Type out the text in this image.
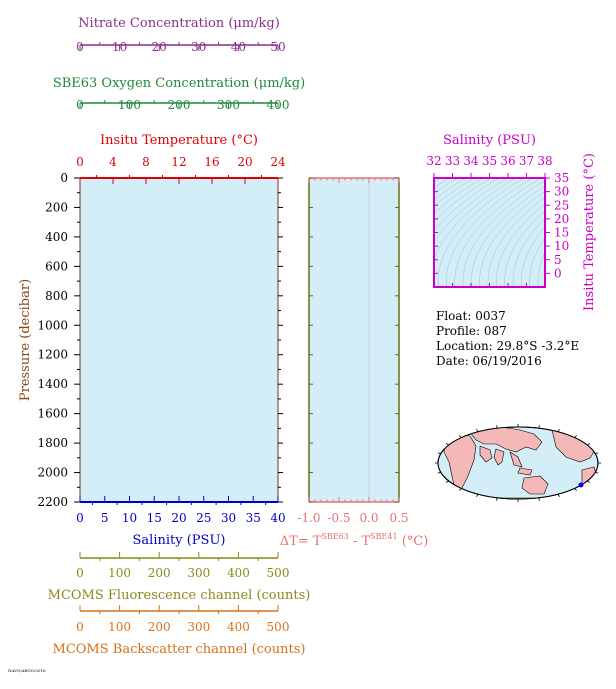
0
200
400
600
800
1000
1200
1400
1600
1800
2000
2200
Pressure (decibar)
0 10 20 30 40 50
Nitrate Concentration (μm/kg)
0	100 200 300 400
SBE63 Oxygen Concentration (μm/kg)
0 4 8 12 16 20 24
Insitu Temperature (°C)
0 5 10 15 20 25 30 35 40
Salinity (PSU)
0 100 200 300 400 500
MCOMS Fluorescence channel (counts)
0 100 200 300 400 500
MCOMS Backscatter channel (counts)
-1.0 -0.5 0.0 0.5
$\Delta T= T^{SBE63} - T^{SBE41}$ (°C)
32 33 34 35 36 37 38
0
5
10
15
20
25
30
35
Salinity (PSU)
Insitu Temperature (°C)
Float: 0037
Profile: 087
Location: 29.8°S -3.2°E
Date: 06/19/2016
NAVO/ARGO/2016
